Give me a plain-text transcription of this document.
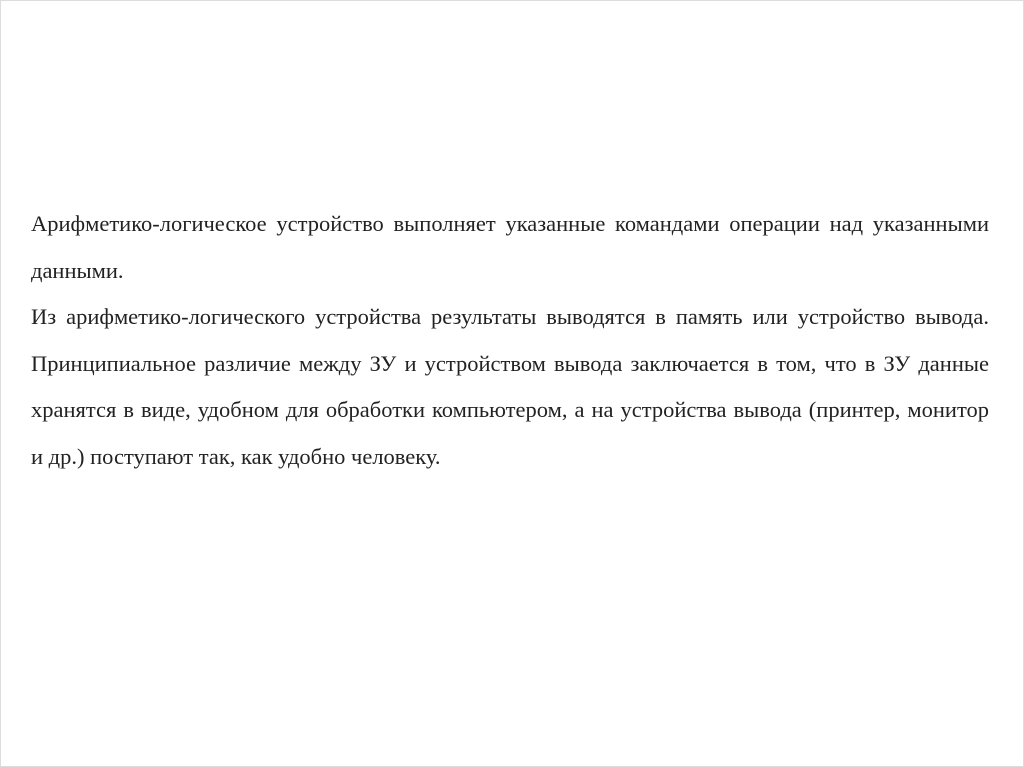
Арифметико-логическое устройство выполняет указанные командами операции над указанными данными.

Из арифметико-логического устройства результаты выводятся в память или устройство вывода. Принципиальное различие между ЗУ и устройством вывода заключается в том, что в ЗУ данные хранятся в виде, удобном для обработки компьютером, а на устройства вывода (принтер, монитор и др.) поступают так, как удобно человеку.
